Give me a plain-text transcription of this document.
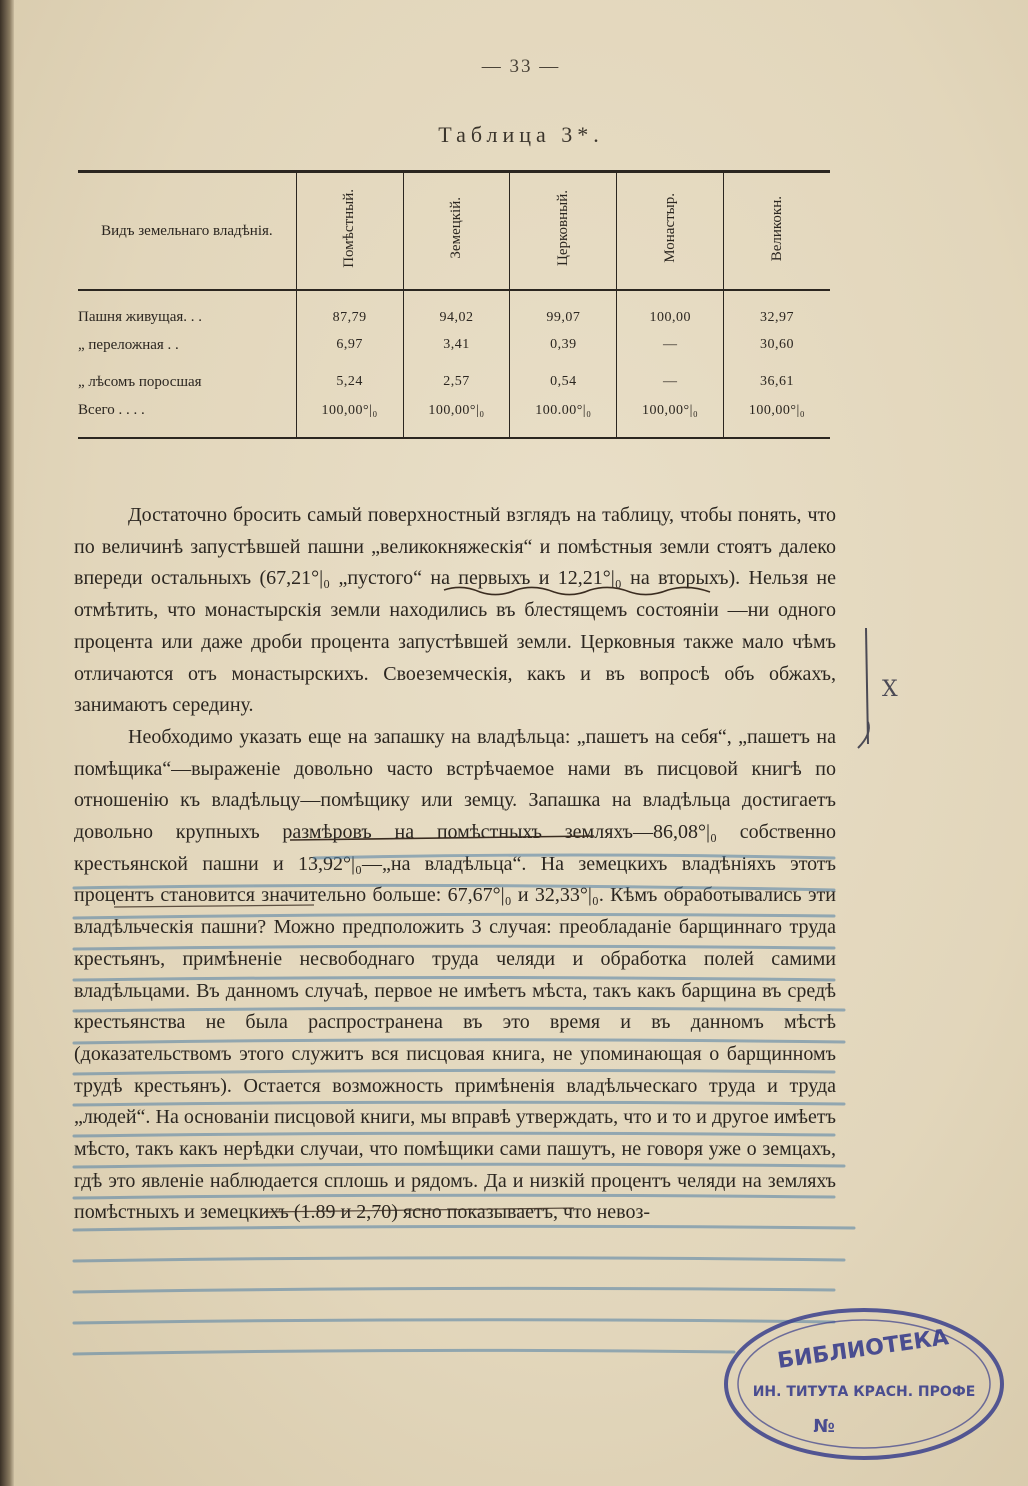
— 33 —
Таблица 3*.
Видъ земельнаго владѣнія.	Помѣстный.	Земецкій.	Церковный.	Монастыр.	Великокн.
Пашня живущая. . .	87,79	94,02	99,07	100,00	32,97
„ переложная . .	6,97	3,41	0,39	—	30,60
„ лѣсомъ поросшая	5,24	2,57	0,54	—	36,61
Всего . . . .	100,00°|₀	100,00°|₀	100.00°|₀	100,00°|₀	100,00°|₀

Достаточно бросить самый поверхностный взглядъ на таблицу, чтобы понять, что по величинѣ запустѣвшей пашни „великокняжескія“ и помѣстныя земли стоятъ далеко впереди остальныхъ (67,21°|₀ „пустого“ на первыхъ и 12,21°|₀ на вторыхъ). Нельзя не отмѣтить, что монастырскія земли находились въ блестящемъ состояніи —ни одного процента или даже дроби процента запустѣвшей земли. Церковныя также мало чѣмъ отличаются отъ монастырскихъ. Своеземческія, какъ и въ вопросѣ объ обжахъ, занимаютъ середину.

Необходимо указать еще на запашку на владѣльца: „пашетъ на себя“, „пашетъ на помѣщика“—выраженіе довольно часто встрѣчаемое нами въ писцовой книгѣ по отношенію къ владѣльцу—помѣщику или земцу. Запашка на владѣльца достигаетъ довольно крупныхъ размѣровъ на помѣстныхъ земляхъ—86,08°|₀ собственно крестьянской пашни и 13,92°|₀—„на владѣльца“. На земецкихъ владѣніяхъ этотъ процентъ становится значительно больше: 67,67°|₀ и 32,33°|₀. Кѣмъ обработывались эти владѣльческія пашни? Можно предположить 3 случая: преобладаніе барщиннаго труда крестьянъ, примѣненіе несвободнаго труда челяди и обработка полей самими владѣльцами. Въ данномъ случаѣ, первое не имѣетъ мѣста, такъ какъ барщина въ средѣ крестьянства не была распространена въ это время и въ данномъ мѣстѣ (доказательствомъ этого служитъ вся писцовая книга, не упоминающая о барщинномъ трудѣ крестьянъ). Остается возможность примѣненія владѣльческаго труда и труда „людей“. На основаніи писцовой книги, мы вправѣ утверждать, что и то и другое имѣетъ мѣсто, такъ какъ нерѣдки случаи, что помѣщики сами пашутъ, не говоря уже о земцахъ, гдѣ это явленіе наблюдается сплошь и рядомъ. Да и низкій процентъ челяди на земляхъ помѣстныхъ и земецкихъ (1.89 и 2,70) ясно показываетъ, что невоз-

X
БИБЛИОТЕКА
ИН. ТИТУТА КРАСН. ПРОФЕ
№
